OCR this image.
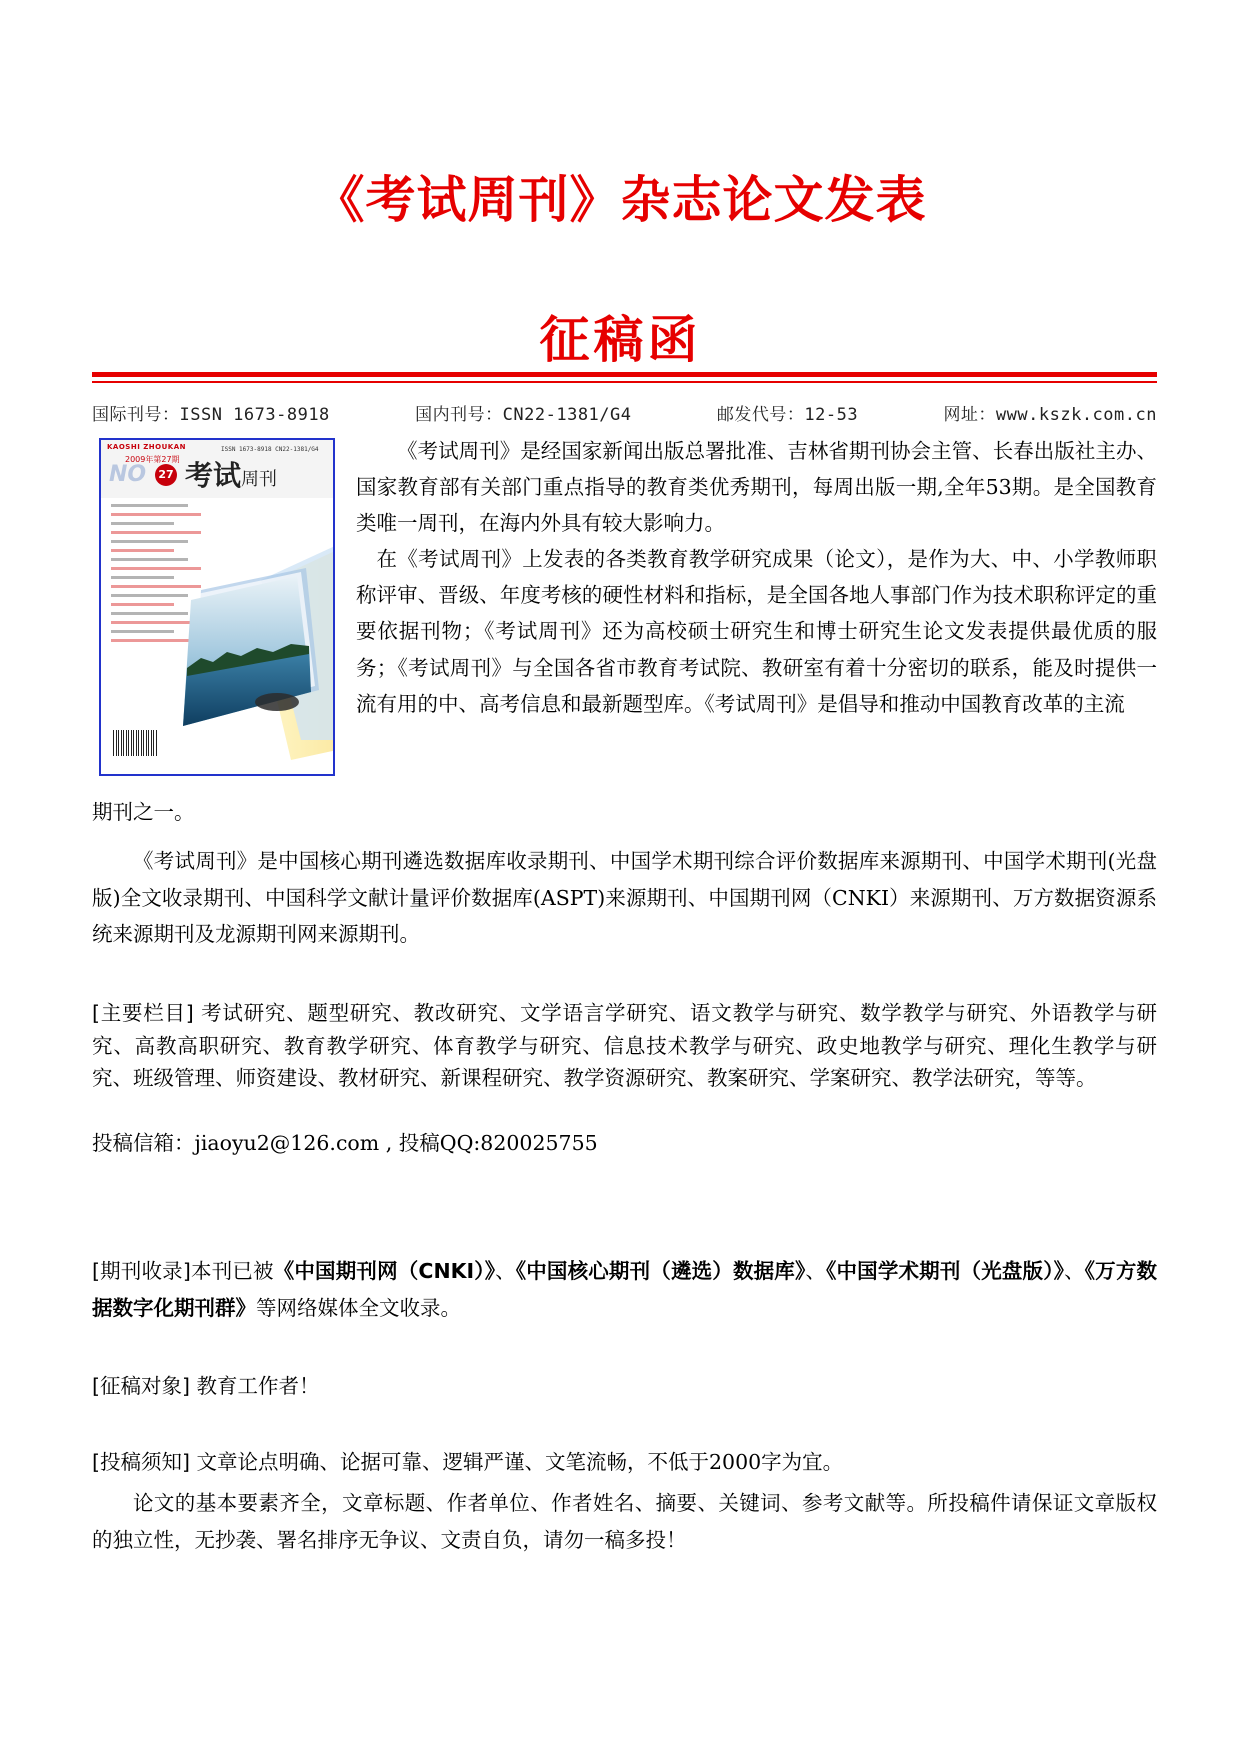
《考试周刊》杂志论文发表
征稿函
国际刊号：ISSN 1673-8918	国内刊号：CN22-1381/G4	邮发代号：12-53	网址：www.kszk.com.cn
KAOSHI ZHOUKAN
2009年第27期
ISSN 1673-8918 CN22-1381/G4
NO	27 考试周刊

《考试周刊》是经国家新闻出版总署批准、吉林省期刊协会主管、长春出版社主办、国家教育部有关部门重点指导的教育类优秀期刊，每周出版一期,全年53期。是全国教育类唯一周刊，在海内外具有较大影响力。

在《考试周刊》上发表的各类教育教学研究成果（论文），是作为大、中、小学教师职称评审、晋级、年度考核的硬性材料和指标，是全国各地人事部门作为技术职称评定的重要依据刊物；《考试周刊》还为高校硕士研究生和博士研究生论文发表提供最优质的服务；《考试周刊》与全国各省市教育考试院、教研室有着十分密切的联系，能及时提供一流有用的中、高考信息和最新题型库。《考试周刊》是倡导和推动中国教育改革的主流

期刊之一。

《考试周刊》是中国核心期刊遴选数据库收录期刊、中国学术期刊综合评价数据库来源期刊、中国学术期刊(光盘版)全文收录期刊、中国科学文献计量评价数据库(ASPT)来源期刊、中国期刊网（CNKI）来源期刊、万方数据资源系统来源期刊及龙源期刊网来源期刊。

[主要栏目] 考试研究、题型研究、教改研究、文学语言学研究、语文教学与研究、数学教学与研究、外语教学与研究、高教高职研究、教育教学研究、体育教学与研究、信息技术教学与研究、政史地教学与研究、理化生教学与研究、班级管理、师资建设、教材研究、新课程研究、教学资源研究、教案研究、学案研究、教学法研究，等等。

投稿信箱：jiaoyu2@126.com , 投稿QQ:820025755

[期刊收录]本刊已被《中国期刊网（CNKI）》、《中国核心期刊（遴选）数据库》、《中国学术期刊（光盘版）》、《万方数据数字化期刊群》等网络媒体全文收录。

[征稿对象] 教育工作者！

[投稿须知] 文章论点明确、论据可靠、逻辑严谨、文笔流畅，不低于2000字为宜。

论文的基本要素齐全，文章标题、作者单位、作者姓名、摘要、关键词、参考文献等。所投稿件请保证文章版权的独立性，无抄袭、署名排序无争议、文责自负，请勿一稿多投！
